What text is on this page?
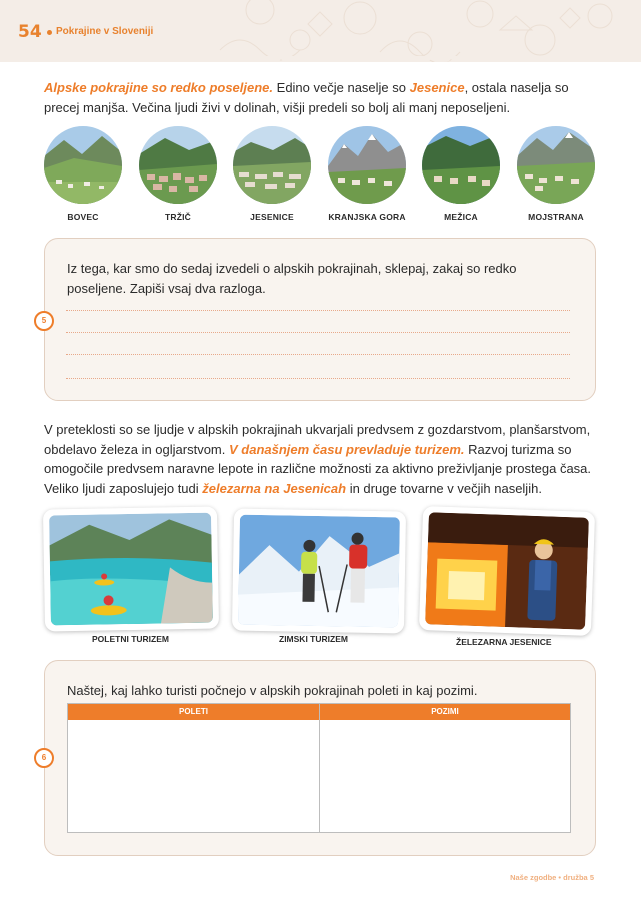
54 Pokrajine v Sloveniji

Alpske pokrajine so redko poseljene. Edino večje naselje so Jesenice, ostala naselja so precej manjša. Večina ljudi živi v dolinah, višji predeli so bolj ali manj neposeljeni.

BOVEC	TRŽIČ	JESENICE	KRANJSKA GORA	MEŽICA	MOJSTRANA

Iz tega, kar smo do sedaj izvedeli o alpskih pokrajinah, sklepaj, zakaj so redko poseljene. Zapiši vsaj dva razloga.

5

V preteklosti so se ljudje v alpskih pokrajinah ukvarjali predvsem z gozdarstvom, planšarstvom, obdelavo železa in ogljarstvom. V današnjem času prevladuje turizem. Razvoj turizma so omogočile predvsem naravne lepote in različne možnosti za aktivno preživljanje prostega časa. Veliko ljudi zaposlujejo tudi železarna na Jesenicah in druge tovarne v večjih naseljih.

POLETNI TURIZEM	ZIMSKI TURIZEM	ŽELEZARNA JESENICE

Naštej, kaj lahko turisti počnejo v alpskih pokrajinah poleti in kaj pozimi.

6
POLETI	POZIMI
Naše zgodbe • družba 5
